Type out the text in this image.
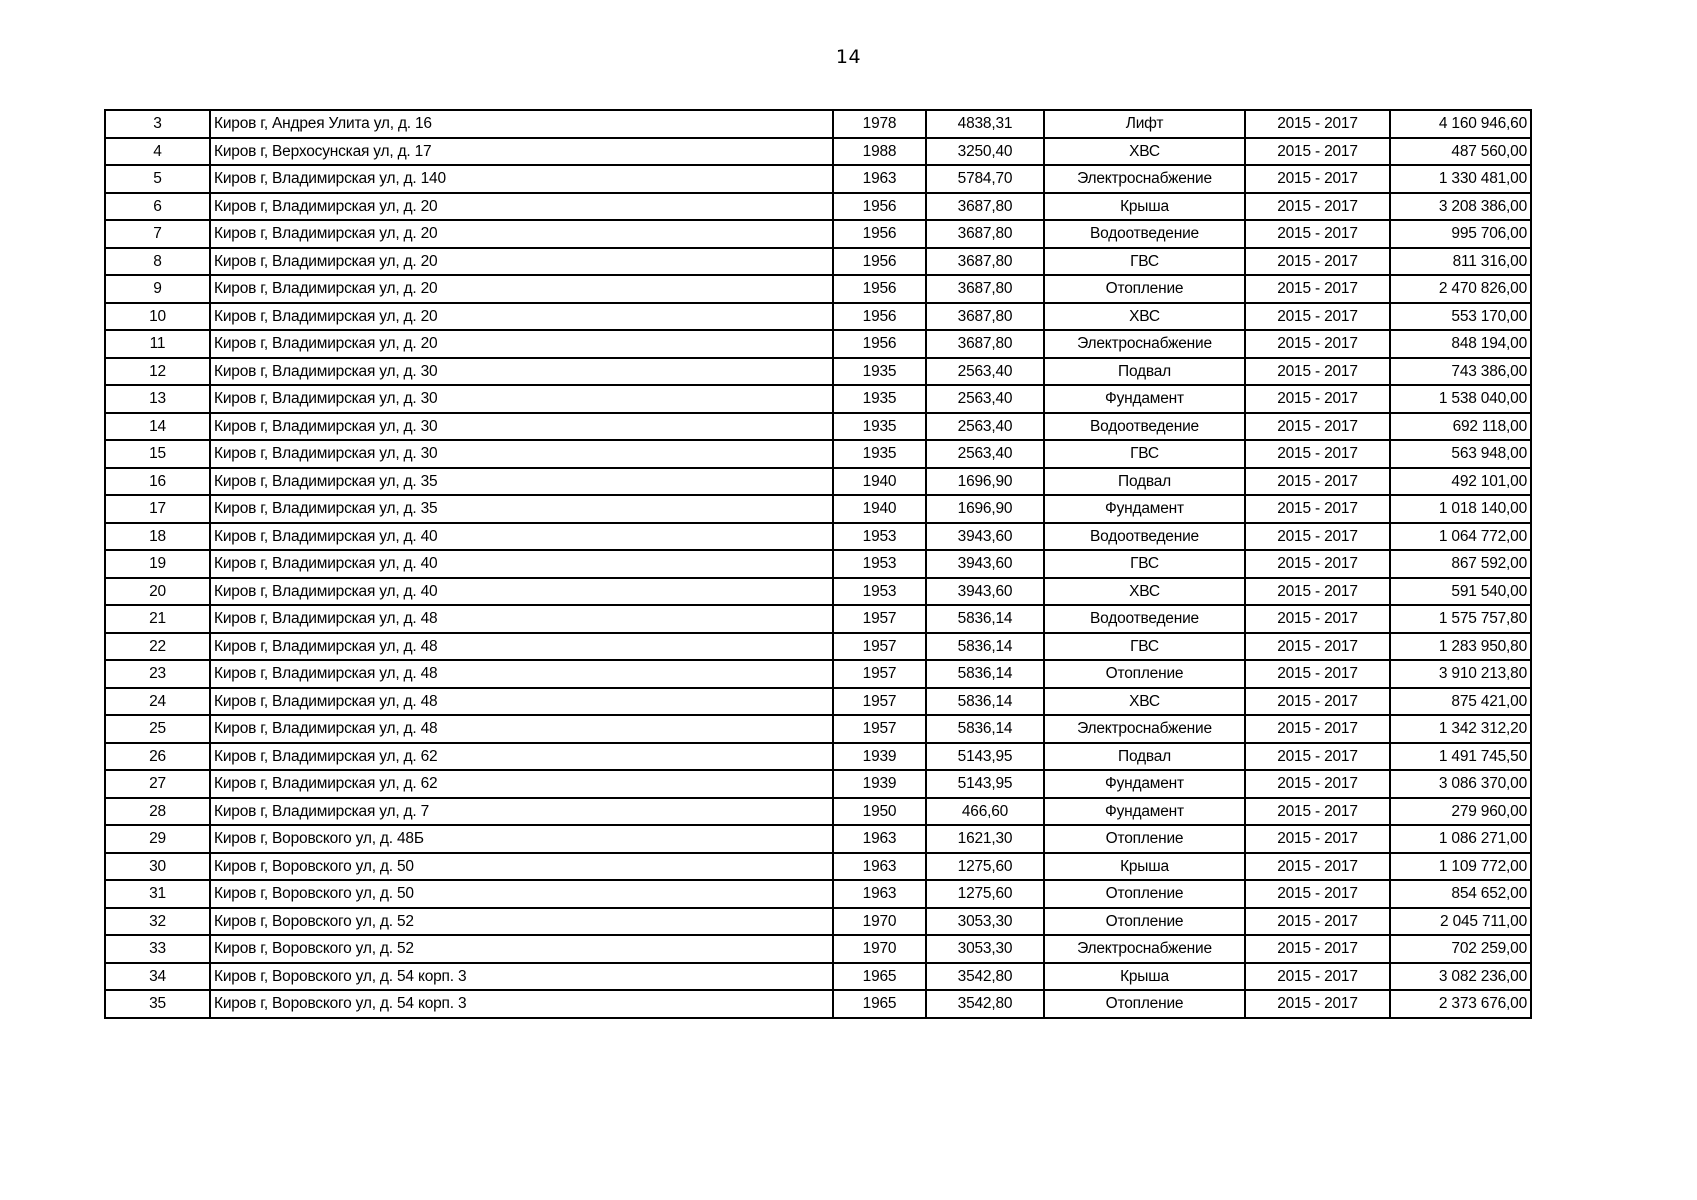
14
3	Киров г, Андрея Улита ул, д. 16	1978	4838,31	Лифт	2015 - 2017	4 160 946,60
4	Киров г, Верхосунская ул, д. 17	1988	3250,40	ХВС	2015 - 2017	487 560,00
5	Киров г, Владимирская ул, д. 140	1963	5784,70	Электроснабжение	2015 - 2017	1 330 481,00
6	Киров г, Владимирская ул, д. 20	1956	3687,80	Крыша	2015 - 2017	3 208 386,00
7	Киров г, Владимирская ул, д. 20	1956	3687,80	Водоотведение	2015 - 2017	995 706,00
8	Киров г, Владимирская ул, д. 20	1956	3687,80	ГВС	2015 - 2017	811 316,00
9	Киров г, Владимирская ул, д. 20	1956	3687,80	Отопление	2015 - 2017	2 470 826,00
10	Киров г, Владимирская ул, д. 20	1956	3687,80	ХВС	2015 - 2017	553 170,00
11	Киров г, Владимирская ул, д. 20	1956	3687,80	Электроснабжение	2015 - 2017	848 194,00
12	Киров г, Владимирская ул, д. 30	1935	2563,40	Подвал	2015 - 2017	743 386,00
13	Киров г, Владимирская ул, д. 30	1935	2563,40	Фундамент	2015 - 2017	1 538 040,00
14	Киров г, Владимирская ул, д. 30	1935	2563,40	Водоотведение	2015 - 2017	692 118,00
15	Киров г, Владимирская ул, д. 30	1935	2563,40	ГВС	2015 - 2017	563 948,00
16	Киров г, Владимирская ул, д. 35	1940	1696,90	Подвал	2015 - 2017	492 101,00
17	Киров г, Владимирская ул, д. 35	1940	1696,90	Фундамент	2015 - 2017	1 018 140,00
18	Киров г, Владимирская ул, д. 40	1953	3943,60	Водоотведение	2015 - 2017	1 064 772,00
19	Киров г, Владимирская ул, д. 40	1953	3943,60	ГВС	2015 - 2017	867 592,00
20	Киров г, Владимирская ул, д. 40	1953	3943,60	ХВС	2015 - 2017	591 540,00
21	Киров г, Владимирская ул, д. 48	1957	5836,14	Водоотведение	2015 - 2017	1 575 757,80
22	Киров г, Владимирская ул, д. 48	1957	5836,14	ГВС	2015 - 2017	1 283 950,80
23	Киров г, Владимирская ул, д. 48	1957	5836,14	Отопление	2015 - 2017	3 910 213,80
24	Киров г, Владимирская ул, д. 48	1957	5836,14	ХВС	2015 - 2017	875 421,00
25	Киров г, Владимирская ул, д. 48	1957	5836,14	Электроснабжение	2015 - 2017	1 342 312,20
26	Киров г, Владимирская ул, д. 62	1939	5143,95	Подвал	2015 - 2017	1 491 745,50
27	Киров г, Владимирская ул, д. 62	1939	5143,95	Фундамент	2015 - 2017	3 086 370,00
28	Киров г, Владимирская ул, д. 7	1950	466,60	Фундамент	2015 - 2017	279 960,00
29	Киров г, Воровского ул, д. 48Б	1963	1621,30	Отопление	2015 - 2017	1 086 271,00
30	Киров г, Воровского ул, д. 50	1963	1275,60	Крыша	2015 - 2017	1 109 772,00
31	Киров г, Воровского ул, д. 50	1963	1275,60	Отопление	2015 - 2017	854 652,00
32	Киров г, Воровского ул, д. 52	1970	3053,30	Отопление	2015 - 2017	2 045 711,00
33	Киров г, Воровского ул, д. 52	1970	3053,30	Электроснабжение	2015 - 2017	702 259,00
34	Киров г, Воровского ул, д. 54 корп. 3	1965	3542,80	Крыша	2015 - 2017	3 082 236,00
35	Киров г, Воровского ул, д. 54 корп. 3	1965	3542,80	Отопление	2015 - 2017	2 373 676,00
